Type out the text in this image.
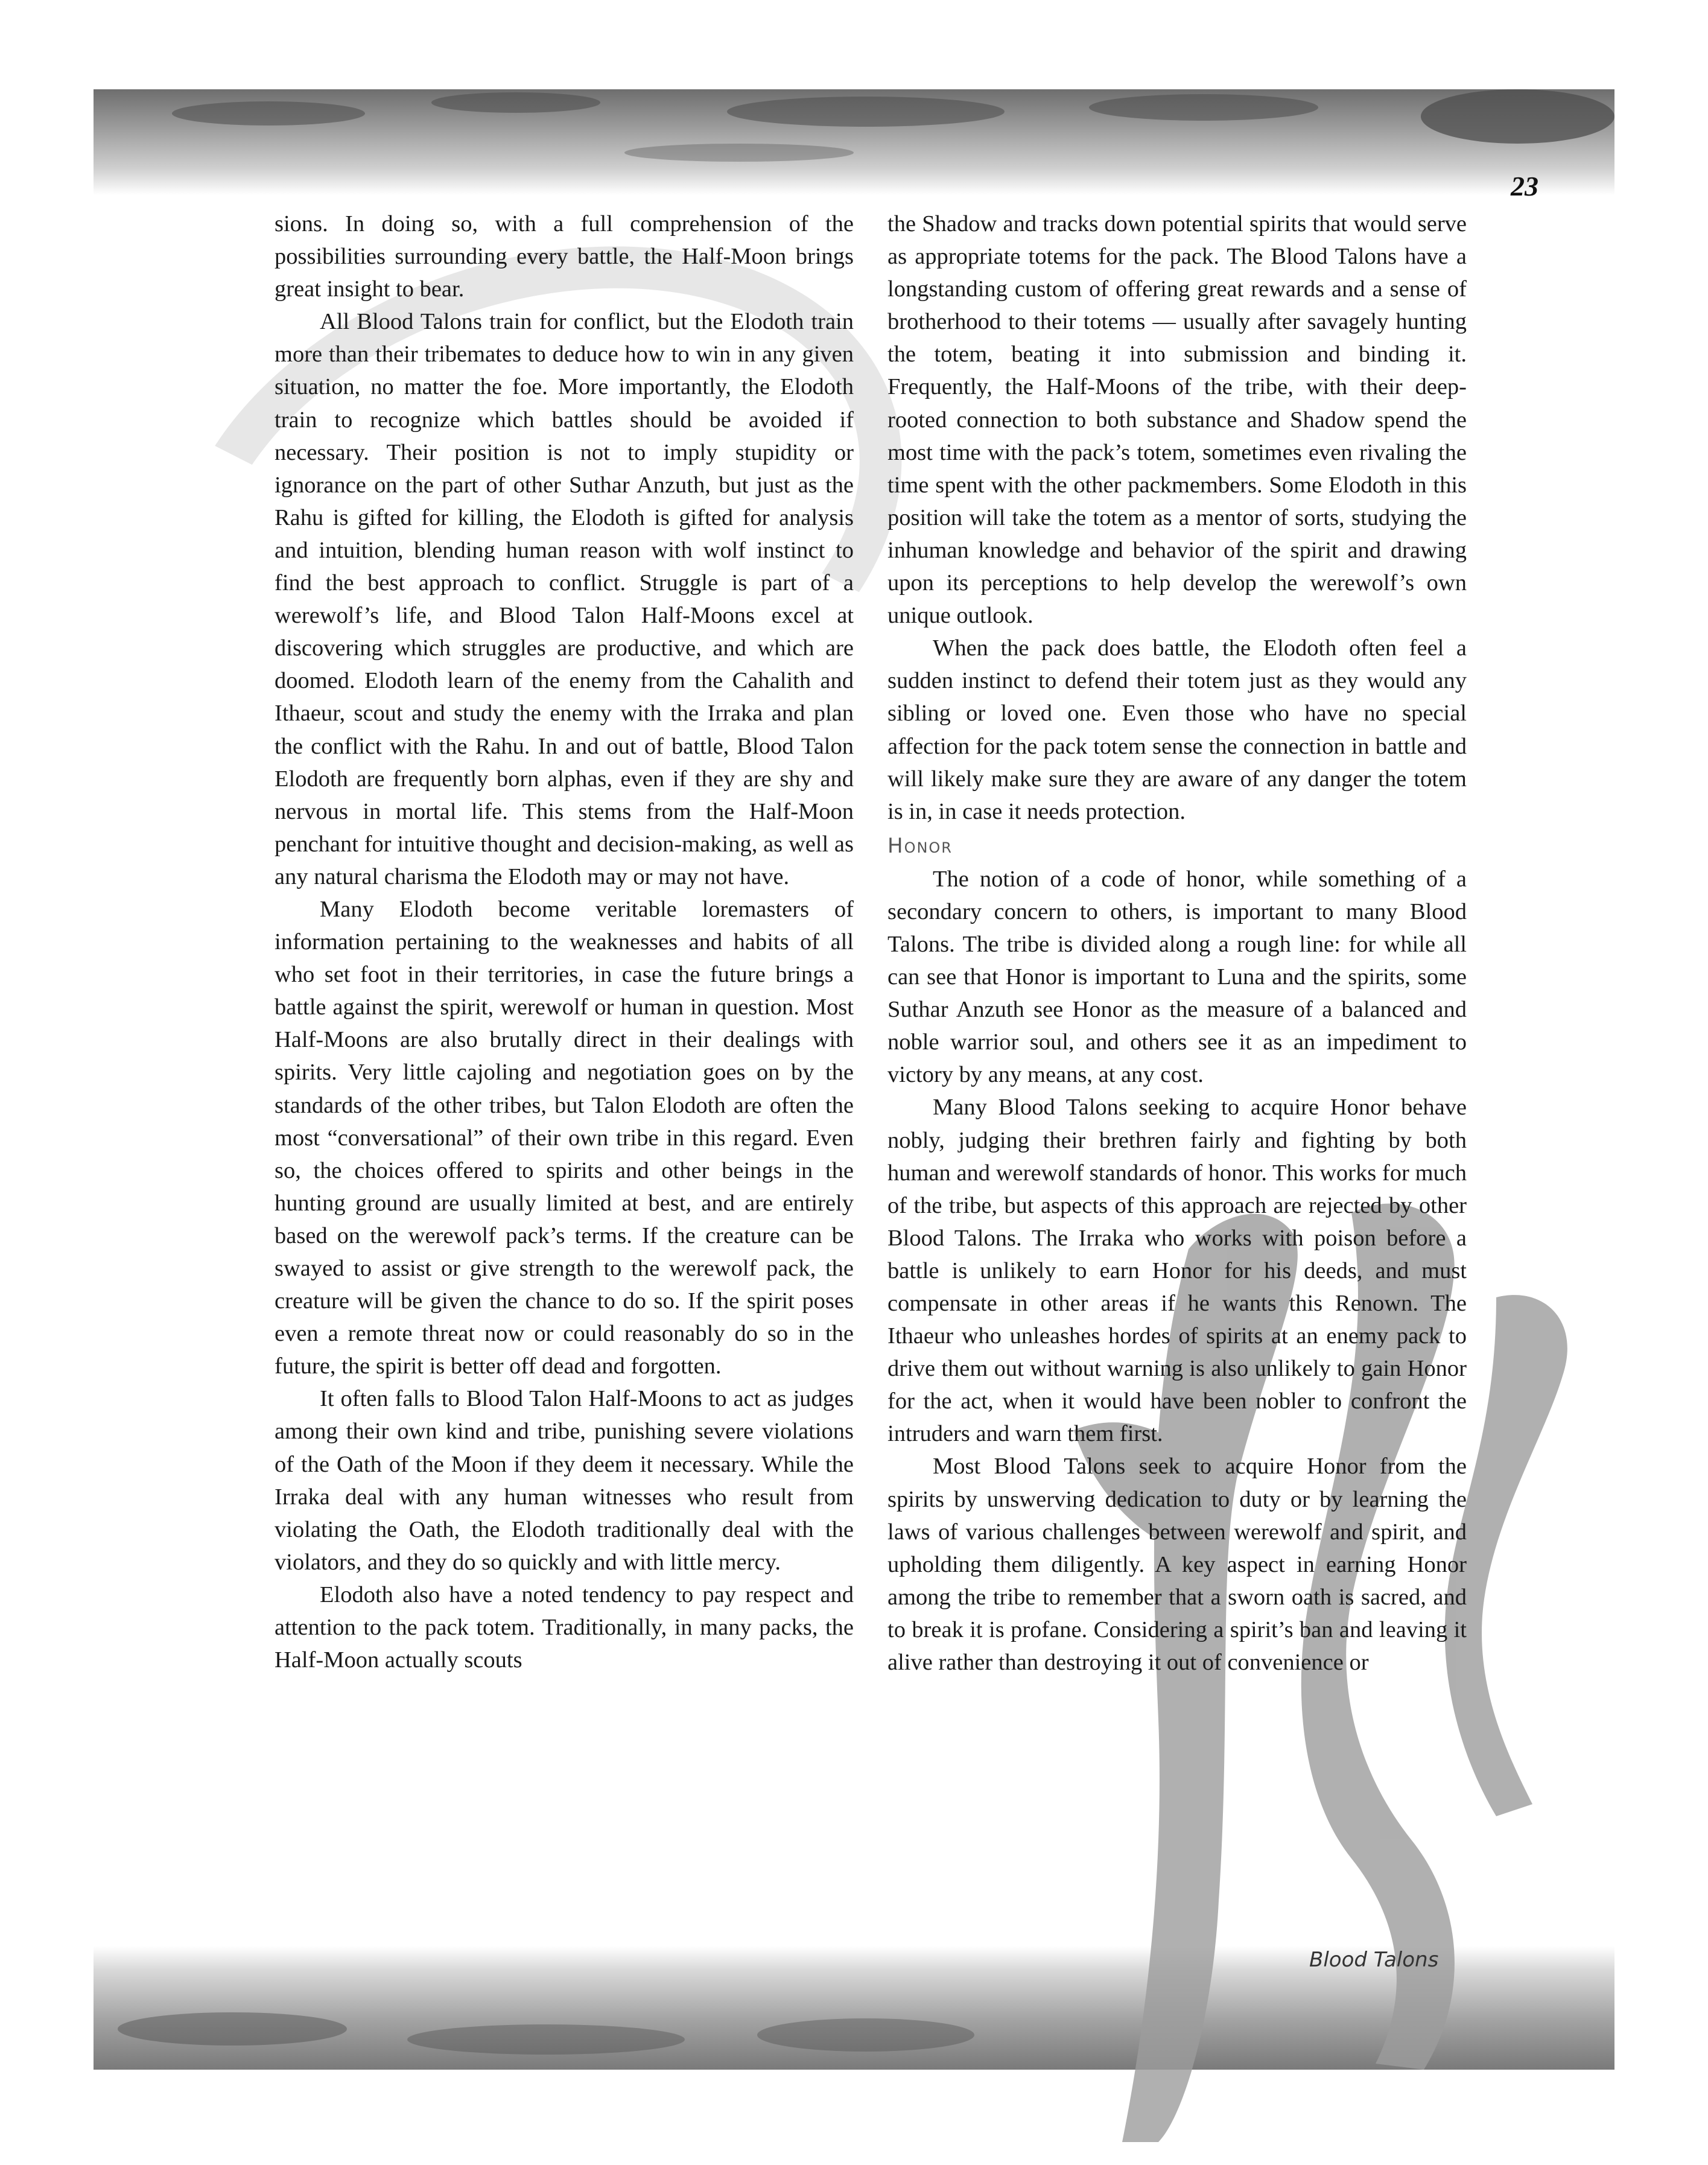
23

sions. In doing so, with a full comprehension of the possibilities surrounding every battle, the Half-Moon brings great insight to bear.

All Blood Talons train for conflict, but the Elodoth train more than their tribemates to deduce how to win in any given situation, no matter the foe. More importantly, the Elodoth train to recognize which battles should be avoided if necessary. Their position is not to imply stupidity or ignorance on the part of other Suthar Anzuth, but just as the Rahu is gifted for killing, the Elodoth is gifted for analysis and intuition, blending human reason with wolf instinct to find the best approach to conflict. Struggle is part of a werewolf’s life, and Blood Talon Half-Moons excel at discovering which struggles are productive, and which are doomed. Elodoth learn of the enemy from the Cahalith and Ithaeur, scout and study the enemy with the Irraka and plan the conflict with the Rahu. In and out of battle, Blood Talon Elodoth are frequently born alphas, even if they are shy and nervous in mortal life. This stems from the Half-Moon penchant for intuitive thought and decision-making, as well as any natural charisma the Elodoth may or may not have.

Many Elodoth become veritable loremasters of information pertaining to the weaknesses and habits of all who set foot in their territories, in case the future brings a battle against the spirit, werewolf or human in question. Most Half-Moons are also brutally direct in their dealings with spirits. Very little cajoling and negotiation goes on by the standards of the other tribes, but Talon Elodoth are often the most “conversational” of their own tribe in this regard. Even so, the choices offered to spirits and other beings in the hunting ground are usually limited at best, and are entirely based on the werewolf pack’s terms. If the creature can be swayed to assist or give strength to the werewolf pack, the creature will be given the chance to do so. If the spirit poses even a remote threat now or could reasonably do so in the future, the spirit is better off dead and forgotten.

It often falls to Blood Talon Half-Moons to act as judges among their own kind and tribe, punishing severe violations of the Oath of the Moon if they deem it necessary. While the Irraka deal with any human witnesses who result from violating the Oath, the Elodoth traditionally deal with the violators, and they do so quickly and with little mercy.

Elodoth also have a noted tendency to pay respect and attention to the pack totem. Traditionally, in many packs, the Half-Moon actually scouts

the Shadow and tracks down potential spirits that would serve as appropriate totems for the pack. The Blood Talons have a longstanding custom of offering great rewards and a sense of brotherhood to their totems — usually after savagely hunting the totem, beating it into submission and binding it. Frequently, the Half-Moons of the tribe, with their deep-rooted connection to both substance and Shadow spend the most time with the pack’s totem, sometimes even rivaling the time spent with the other packmembers. Some Elodoth in this position will take the totem as a mentor of sorts, studying the inhuman knowledge and behavior of the spirit and drawing upon its perceptions to help develop the werewolf’s own unique outlook.

When the pack does battle, the Elodoth often feel a sudden instinct to defend their totem just as they would any sibling or loved one. Even those who have no special affection for the pack totem sense the connection in battle and will likely make sure they are aware of any danger the totem is in, in case it needs protection.

Honor

The notion of a code of honor, while something of a secondary concern to others, is important to many Blood Talons. The tribe is divided along a rough line: for while all can see that Honor is important to Luna and the spirits, some Suthar Anzuth see Honor as the measure of a balanced and noble warrior soul, and others see it as an impediment to victory by any means, at any cost.

Many Blood Talons seeking to acquire Honor behave nobly, judging their brethren fairly and fighting by both human and werewolf standards of honor. This works for much of the tribe, but aspects of this approach are rejected by other Blood Talons. The Irraka who works with poison before a battle is unlikely to earn Honor for his deeds, and must compensate in other areas if he wants this Renown. The Ithaeur who unleashes hordes of spirits at an enemy pack to drive them out without warning is also unlikely to gain Honor for the act, when it would have been nobler to confront the intruders and warn them first.

Most Blood Talons seek to acquire Honor from the spirits by unswerving dedication to duty or by learning the laws of various challenges between werewolf and spirit, and upholding them diligently. A key aspect in earning Honor among the tribe to remember that a sworn oath is sacred, and to break it is profane. Considering a spirit’s ban and leaving it alive rather than destroying it out of convenience or

Blood Talons
